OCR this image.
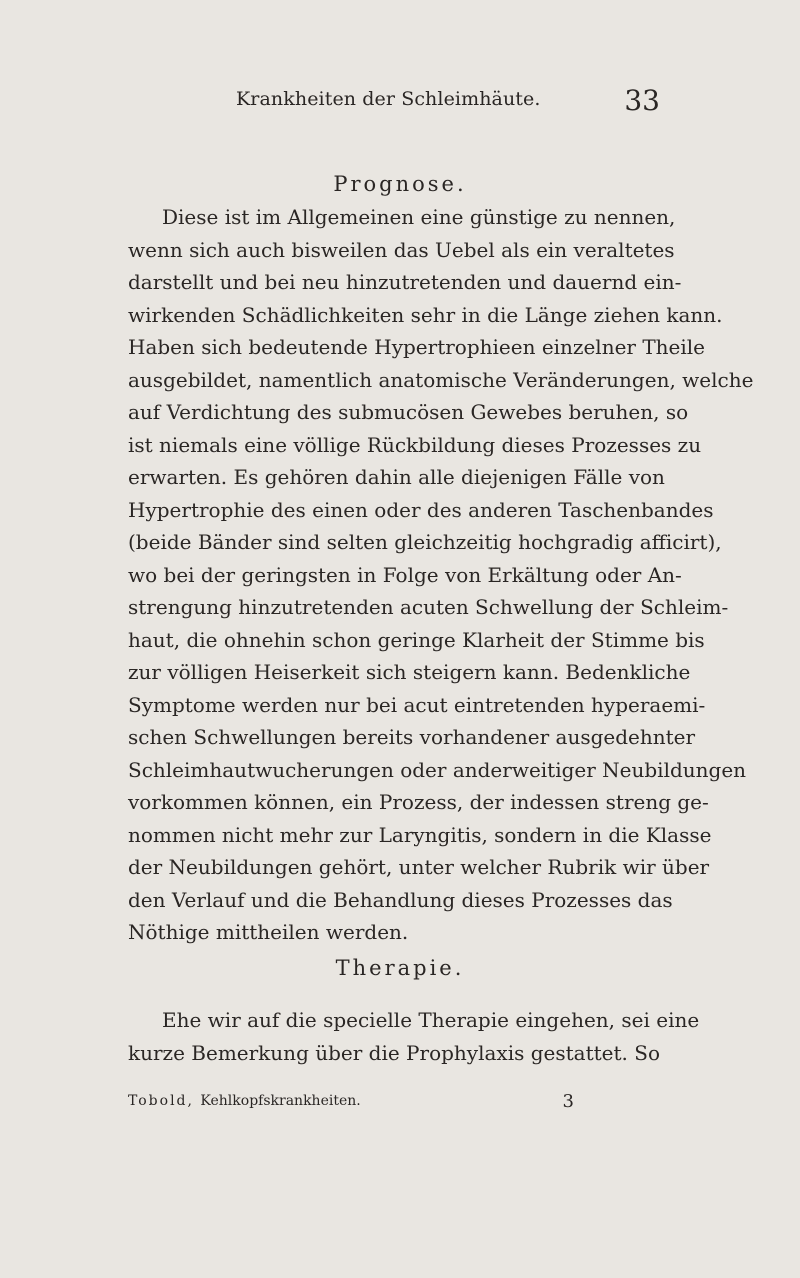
Krankheiten der Schleimhäute.	33
Prognose.
Diese ist im Allgemeinen eine günstige zu nennen,
wenn sich auch bisweilen das Uebel als ein veraltetes
darstellt und bei neu hinzutretenden und dauernd ein-
wirkenden Schädlichkeiten sehr in die Länge ziehen kann.
Haben sich bedeutende Hypertrophieen einzelner Theile
ausgebildet, namentlich anatomische Veränderungen, welche
auf Verdichtung des submucösen Gewebes beruhen, so
ist niemals eine völlige Rückbildung dieses Prozesses zu
erwarten. Es gehören dahin alle diejenigen Fälle von
Hypertrophie des einen oder des anderen Taschenbandes
(beide Bänder sind selten gleichzeitig hochgradig afficirt),
wo bei der geringsten in Folge von Erkältung oder An-
strengung hinzutretenden acuten Schwellung der Schleim-
haut, die ohnehin schon geringe Klarheit der Stimme bis
zur völligen Heiserkeit sich steigern kann. Bedenkliche
Symptome werden nur bei acut eintretenden hyperaemi-
schen Schwellungen bereits vorhandener ausgedehnter
Schleimhautwucherungen oder anderweitiger Neubildungen
vorkommen können, ein Prozess, der indessen streng ge-
nommen nicht mehr zur Laryngitis, sondern in die Klasse
der Neubildungen gehört, unter welcher Rubrik wir über
den Verlauf und die Behandlung dieses Prozesses das
Nöthige mittheilen werden.
Therapie.
Ehe wir auf die specielle Therapie eingehen, sei eine
kurze Bemerkung über die Prophylaxis gestattet. So
Tobold, Kehlkopfskrankheiten.	3
